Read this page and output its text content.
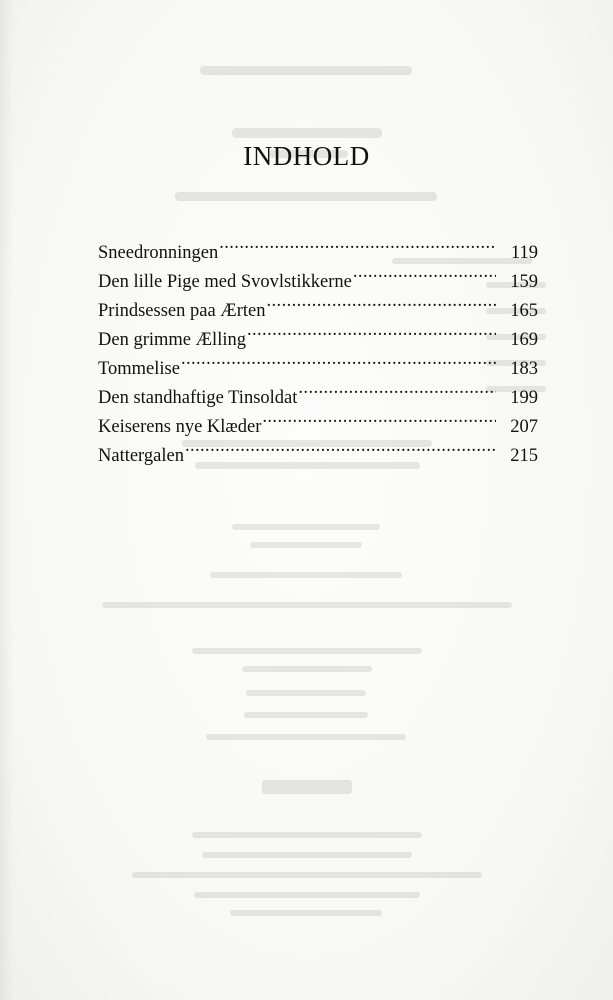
INDHOLD
Sneedronningen .....	119
Den lille Pige med Svovlstikkerne .....	159
Prindsessen paa Ærten .....	165
Den grimme Ælling .....	169
Tommelise .....	183
Den standhaftige Tinsoldat .....	199
Keiserens nye Klæder .....	207
Nattergalen .....	215
